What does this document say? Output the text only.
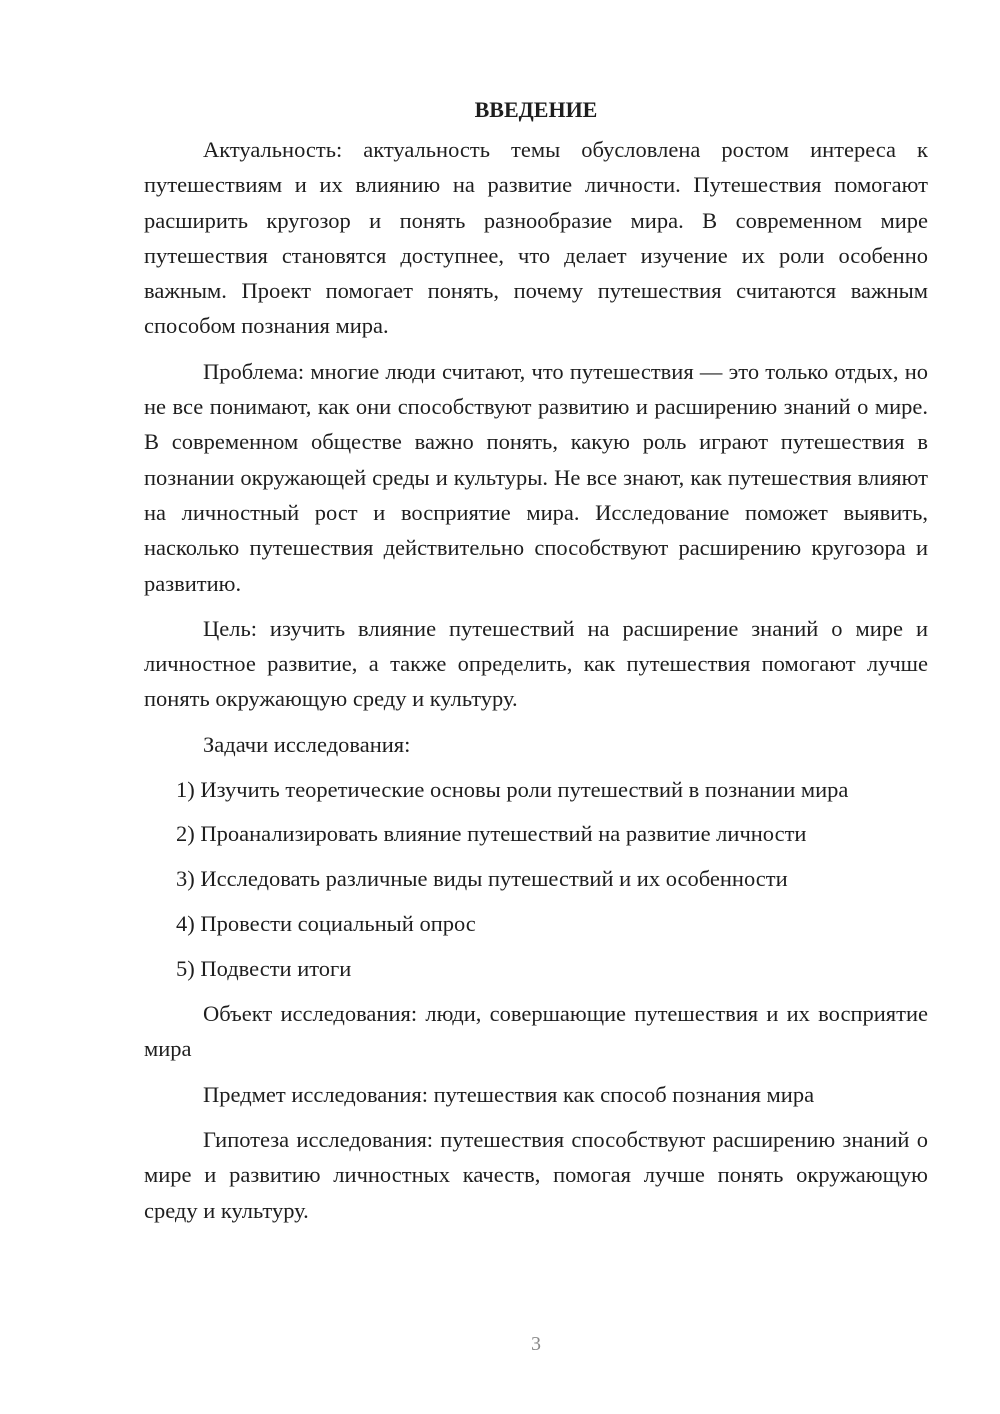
ВВЕДЕНИЕ

Актуальность: актуальность темы обусловлена ростом интереса к путешествиям и их влиянию на развитие личности. Путешествия помогают расширить кругозор и понять разнообразие мира. В современном мире путешествия становятся доступнее, что делает изучение их роли особенно важным. Проект помогает понять, почему путешествия считаются важным способом познания мира.

Проблема: многие люди считают, что путешествия — это только отдых, но не все понимают, как они способствуют развитию и расширению знаний о мире. В современном обществе важно понять, какую роль играют путешествия в познании окружающей среды и культуры. Не все знают, как путешествия влияют на личностный рост и восприятие мира. Исследование поможет выявить, насколько путешествия действительно способствуют расширению кругозора и развитию.

Цель: изучить влияние путешествий на расширение знаний о мире и личностное развитие, а также определить, как путешествия помогают лучше понять окружающую среду и культуру.

Задачи исследования:

1) Изучить теоретические основы роли путешествий в познании мира
2) Проанализировать влияние путешествий на развитие личности
3) Исследовать различные виды путешествий и их особенности
4) Провести социальный опрос
5) Подвести итоги

Объект исследования: люди, совершающие путешествия и их восприятие мира

Предмет исследования: путешествия как способ познания мира

Гипотеза исследования: путешествия способствуют расширению знаний о мире и развитию личностных качеств, помогая лучше понять окружающую среду и культуру.

3
